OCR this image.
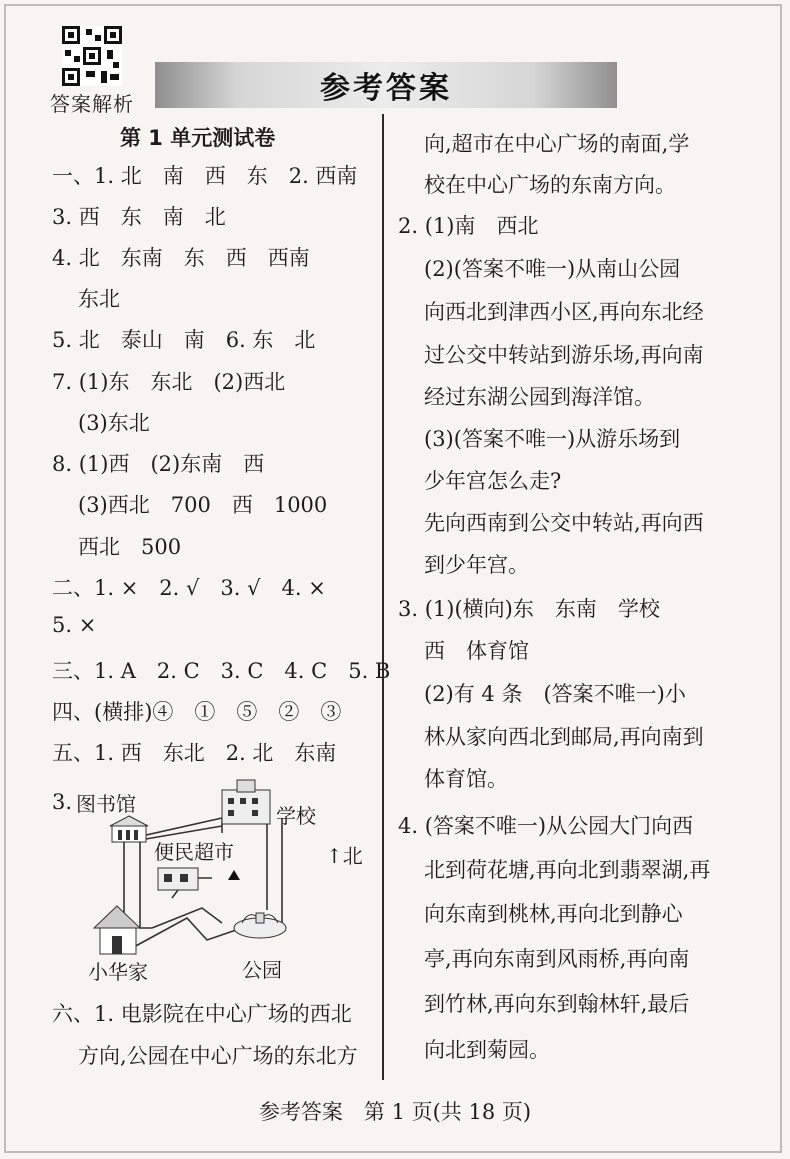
答案解析	参考答案
第 1 单元测试卷
一、1. 北　南　西　东　2. 西南
3. 西　东　南　北
4. 北　东南　东　西　西南
东北
5. 北　泰山　南　6. 东　北
7. (1)东　东北　(2)西北
(3)东北
8. (1)西　(2)东南　西
(3)西北　700　西　1000
西北　500
二、1. ×　2. √　3. √　4. ×
5. ×
三、1. A　2. C　3. C　4. C　5. B
四、(横排)④　①　⑤　②　③
五、1. 西　东北　2. 北　东南
3.
六、1. 电影院在中心广场的西北
方向,公园在中心广场的东北方
图书馆	学校
便民超市	↑北
小华家	公园
向,超市在中心广场的南面,学
校在中心广场的东南方向。
2. (1)南　西北
(2)(答案不唯一)从南山公园
向西北到津西小区,再向东北经
过公交中转站到游乐场,再向南
经过东湖公园到海洋馆。
(3)(答案不唯一)从游乐场到
少年宫怎么走?
先向西南到公交中转站,再向西
到少年宫。
3. (1)(横向)东　东南　学校
西　体育馆
(2)有 4 条　(答案不唯一)小
林从家向西北到邮局,再向南到
体育馆。
4. (答案不唯一)从公园大门向西
北到荷花塘,再向北到翡翠湖,再
向东南到桃林,再向北到静心
亭,再向东南到风雨桥,再向南
到竹林,再向东到翰林轩,最后
向北到菊园。
参考答案　第 1 页(共 18 页)
